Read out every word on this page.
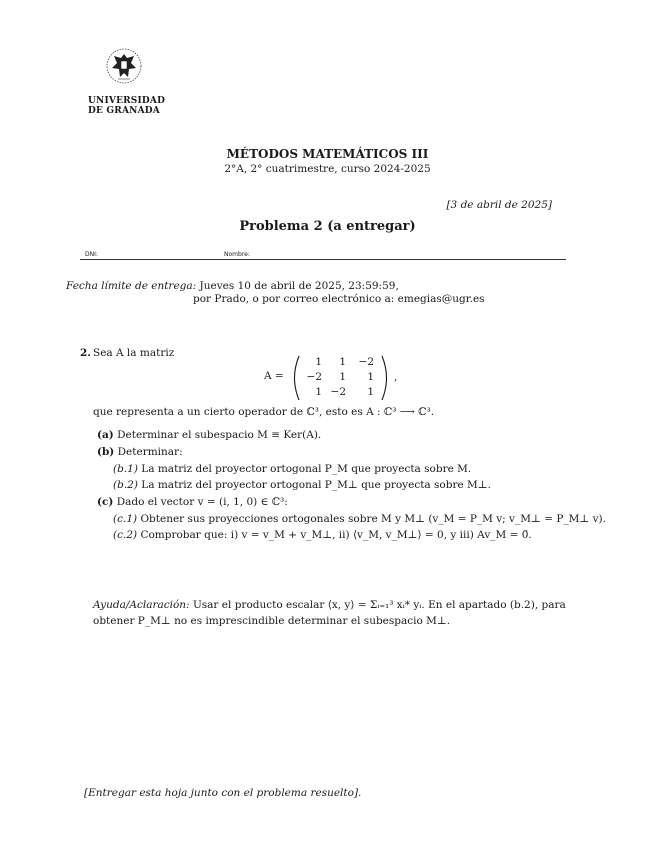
UNIVERSIDAD
DE GRANADA
MÉTODOS MATEMÁTICOS III
2°A, 2° cuatrimestre, curso 2024-2025
[3 de abril de 2025]
Problema 2 (a entregar)
DNI:	Nombre:
Fecha límite de entrega: Jueves 10 de abril de 2025, 23:59:59,
por Prado, o por correo electrónico a: emegias@ugr.es
2. Sea A la matriz
A =
1	1	−2
−2	1	1
1 −2	1
,
que representa a un cierto operador de ℂ³, esto es A : ℂ³ ⟶ ℂ³.
(a) Determinar el subespacio M ≡ Ker(A).
(b) Determinar:
(b.1) La matriz del proyector ortogonal P_M que proyecta sobre M.
(b.2) La matriz del proyector ortogonal P_M⊥ que proyecta sobre M⊥.
(c) Dado el vector v = (i, 1, 0) ∈ ℂ³:
(c.1) Obtener sus proyecciones ortogonales sobre M y M⊥ (v_M = P_M v; v_M⊥ = P_M⊥ v).
(c.2) Comprobar que: i) v = v_M + v_M⊥, ii) ⟨v_M, v_M⊥⟩ = 0, y iii) Av_M = 0̄.
Ayuda/Aclaración: Usar el producto escalar ⟨x, y⟩ = Σᵢ₌₁³ xᵢ* yᵢ. En el apartado (b.2), para obtener P_M⊥ no es imprescindible determinar el subespacio M⊥.
[Entregar esta hoja junto con el problema resuelto].
